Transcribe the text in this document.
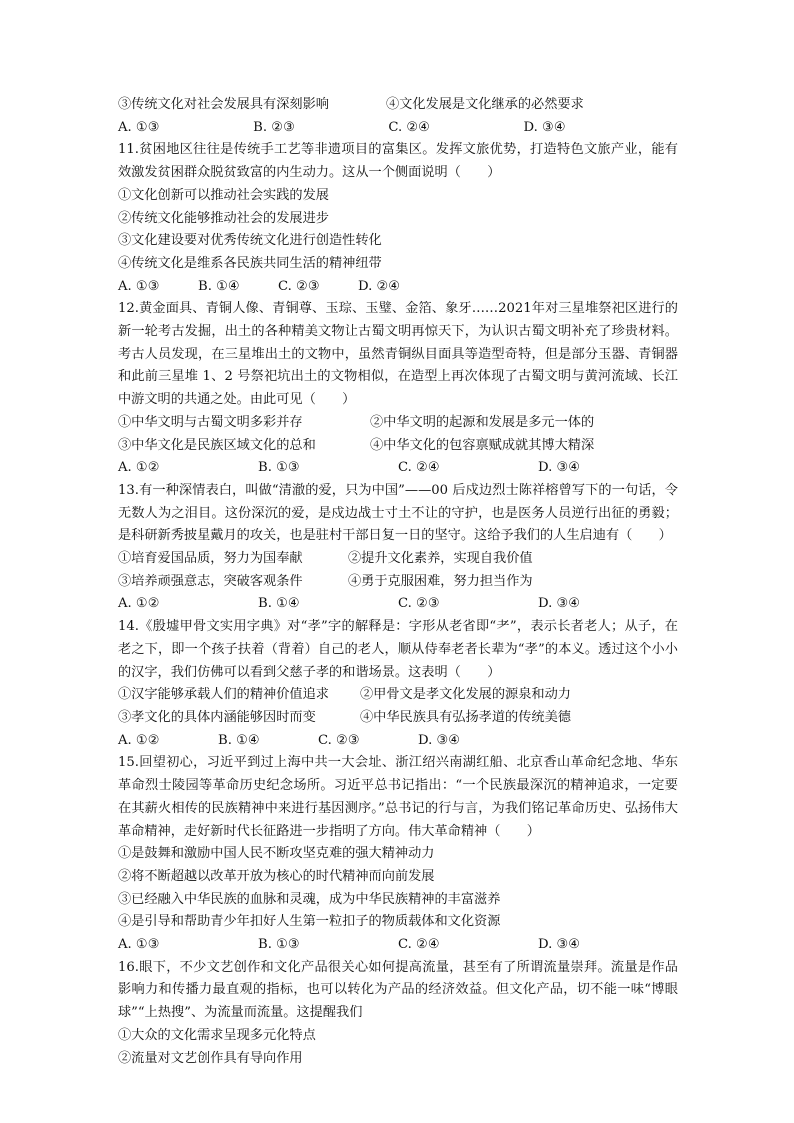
③传统文化对社会发展具有深刻影响	④文化发展是文化继承的必然要求
A. ①③	B. ②③	C. ②④	D. ③④
11.贫困地区往往是传统手工艺等非遗项目的富集区。发挥文旅优势，打造特色文旅产业，能有效激发贫困群众脱贫致富的内生动力。这从一个侧面说明（　　）
①文化创新可以推动社会实践的发展
②传统文化能够推动社会的发展进步
③文化建设要对优秀传统文化进行创造性转化
④传统文化是维系各民族共同生活的精神纽带
A. ①③	B. ①④	C. ②③	D. ②④
12.黄金面具、青铜人像、青铜尊、玉琮、玉璧、金箔、象牙……2021年对三星堆祭祀区进行的新一轮考古发掘，出土的各种精美文物让古蜀文明再惊天下，为认识古蜀文明补充了珍贵材料。考古人员发现，在三星堆出土的文物中，虽然青铜纵目面具等造型奇特，但是部分玉器、青铜器和此前三星堆 1、2 号祭祀坑出土的文物相似，在造型上再次体现了古蜀文明与黄河流域、长江中游文明的共通之处。由此可见（　　）
①中华文明与古蜀文明多彩并存	②中华文明的起源和发展是多元一体的
③中华文化是民族区域文化的总和	④中华文化的包容禀赋成就其博大精深
A. ①②	B. ①③	C. ②④	D. ③④
13.有一种深情表白，叫做“清澈的爱，只为中国”——00 后戍边烈士陈祥榕曾写下的一句话，令无数人为之泪目。这份深沉的爱，是戍边战士寸土不让的守护，也是医务人员逆行出征的勇毅；是科研新秀披星戴月的攻关，也是驻村干部日复一日的坚守。这给予我们的人生启迪有（　　）
①培育爱国品质，努力为国奉献	②提升文化素养，实现自我价值
③培养顽强意志，突破客观条件	④勇于克服困难，努力担当作为
A. ①②	B. ①④	C. ②③	D. ③④
14.《殷墟甲骨文实用字典》对“孝”字的解释是：字形从老省即“耂”，表示长者老人；从子，在老之下，即一个孩子扶着（背着）自己的老人，顺从侍奉老者长辈为“孝”的本义。透过这个小小的汉字，我们仿佛可以看到父慈子孝的和谐场景。这表明（　　）
①汉字能够承载人们的精神价值追求	②甲骨文是孝文化发展的源泉和动力
③孝文化的具体内涵能够因时而变	④中华民族具有弘扬孝道的传统美德
A. ①②	B. ①④	C. ②③	D. ③④
15.回望初心，习近平到过上海中共一大会址、浙江绍兴南湖红船、北京香山革命纪念地、华东革命烈士陵园等革命历史纪念场所。习近平总书记指出：“一个民族最深沉的精神追求，一定要在其薪火相传的民族精神中来进行基因测序。”总书记的行与言，为我们铭记革命历史、弘扬伟大革命精神，走好新时代长征路进一步指明了方向。伟大革命精神（　　）
①是鼓舞和激励中国人民不断攻坚克难的强大精神动力
②将不断超越以改革开放为核心的时代精神而向前发展
③已经融入中华民族的血脉和灵魂，成为中华民族精神的丰富滋养
④是引导和帮助青少年扣好人生第一粒扣子的物质载体和文化资源
A. ①③	B. ①③	C. ②④	D. ③④
16.眼下，不少文艺创作和文化产品很关心如何提高流量，甚至有了所谓流量崇拜。流量是作品影响力和传播力最直观的指标，也可以转化为产品的经济效益。但文化产品，切不能一味“博眼球”“上热搜”、为流量而流量。这提醒我们
①大众的文化需求呈现多元化特点
②流量对文艺创作具有导向作用
